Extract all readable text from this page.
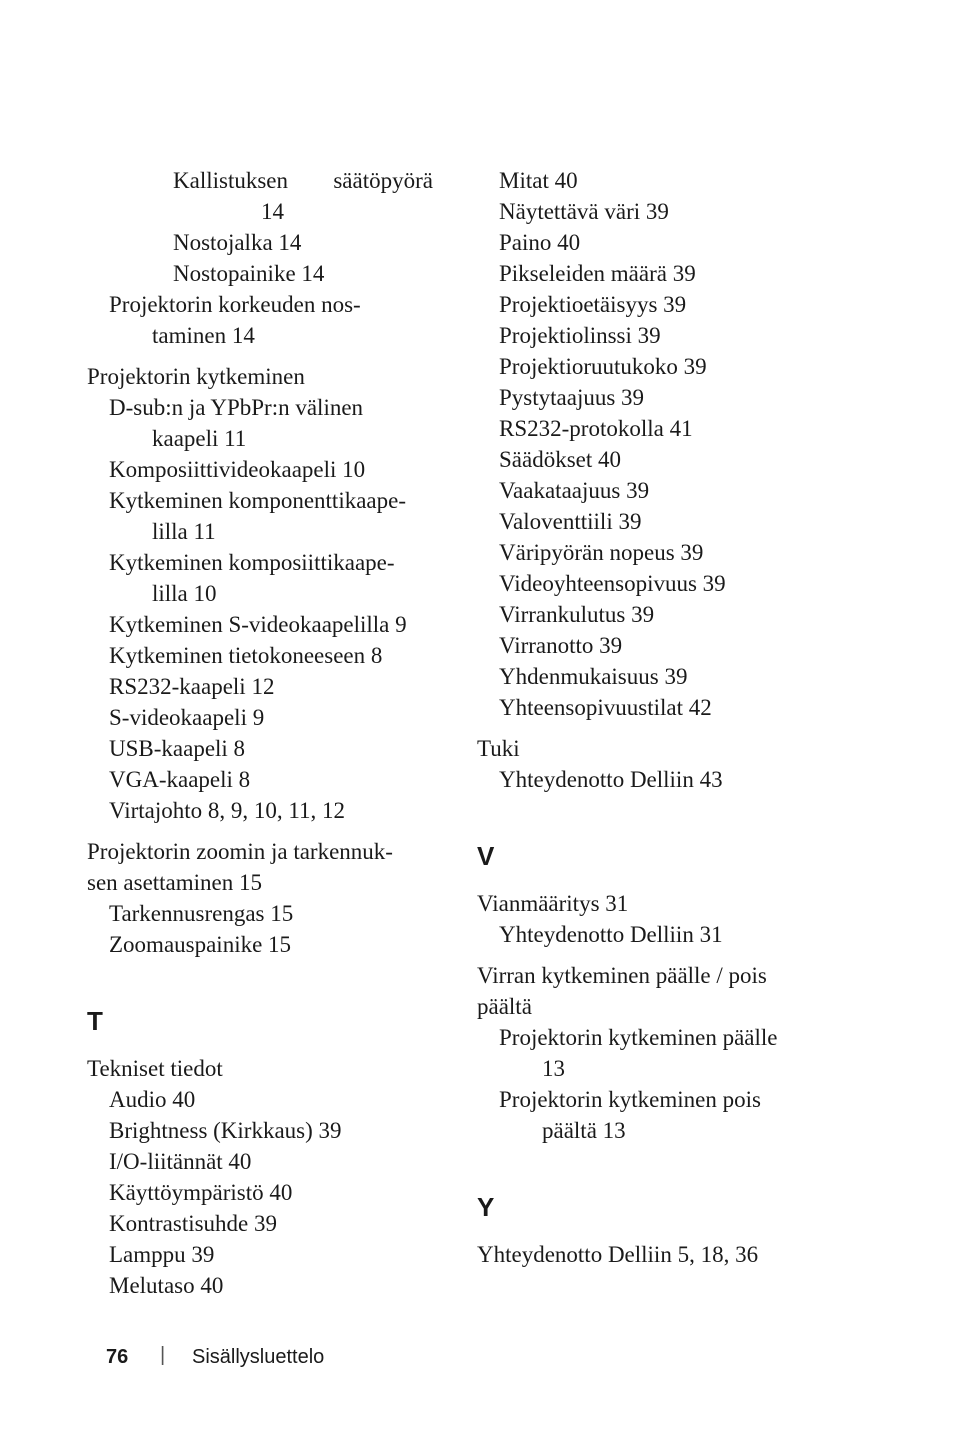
Kallistuksen säätöpyörä
14
Nostojalka 14
Nostopainike 14
Projektorin korkeuden nos-
taminen 14
Projektorin kytkeminen
D-sub:n ja YPbPr:n välinen
kaapeli 11
Komposiittivideokaapeli 10
Kytkeminen komponenttikaape-
lilla 11
Kytkeminen komposiittikaape-
lilla 10
Kytkeminen S-videokaapelilla 9
Kytkeminen tietokoneeseen 8
RS232-kaapeli 12
S-videokaapeli 9
USB-kaapeli 8
VGA-kaapeli 8
Virtajohto 8, 9, 10, 11, 12
Projektorin zoomin ja tarkennuk-
sen asettaminen 15
Tarkennusrengas 15
Zoomauspainike 15
T
Tekniset tiedot
Audio 40
Brightness (Kirkkaus) 39
I/O-liitännät 40
Käyttöympäristö 40
Kontrastisuhde 39
Lamppu 39
Melutaso 40
Mitat 40
Näytettävä väri 39
Paino 40
Pikseleiden määrä 39
Projektioetäisyys 39
Projektiolinssi 39
Projektioruutukoko 39
Pystytaajuus 39
RS232-protokolla 41
Säädökset 40
Vaakataajuus 39
Valoventtiili 39
Väripyörän nopeus 39
Videoyhteensopivuus 39
Virrankulutus 39
Virranotto 39
Yhdenmukaisuus 39
Yhteensopivuustilat 42
Tuki
Yhteydenotto Delliin 43
V
Vianmääritys 31
Yhteydenotto Delliin 31
Virran kytkeminen päälle / pois
päältä
Projektorin kytkeminen päälle
13
Projektorin kytkeminen pois
päältä 13
Y
Yhteydenotto Delliin 5, 18, 36
76 | Sisällysluettelo
